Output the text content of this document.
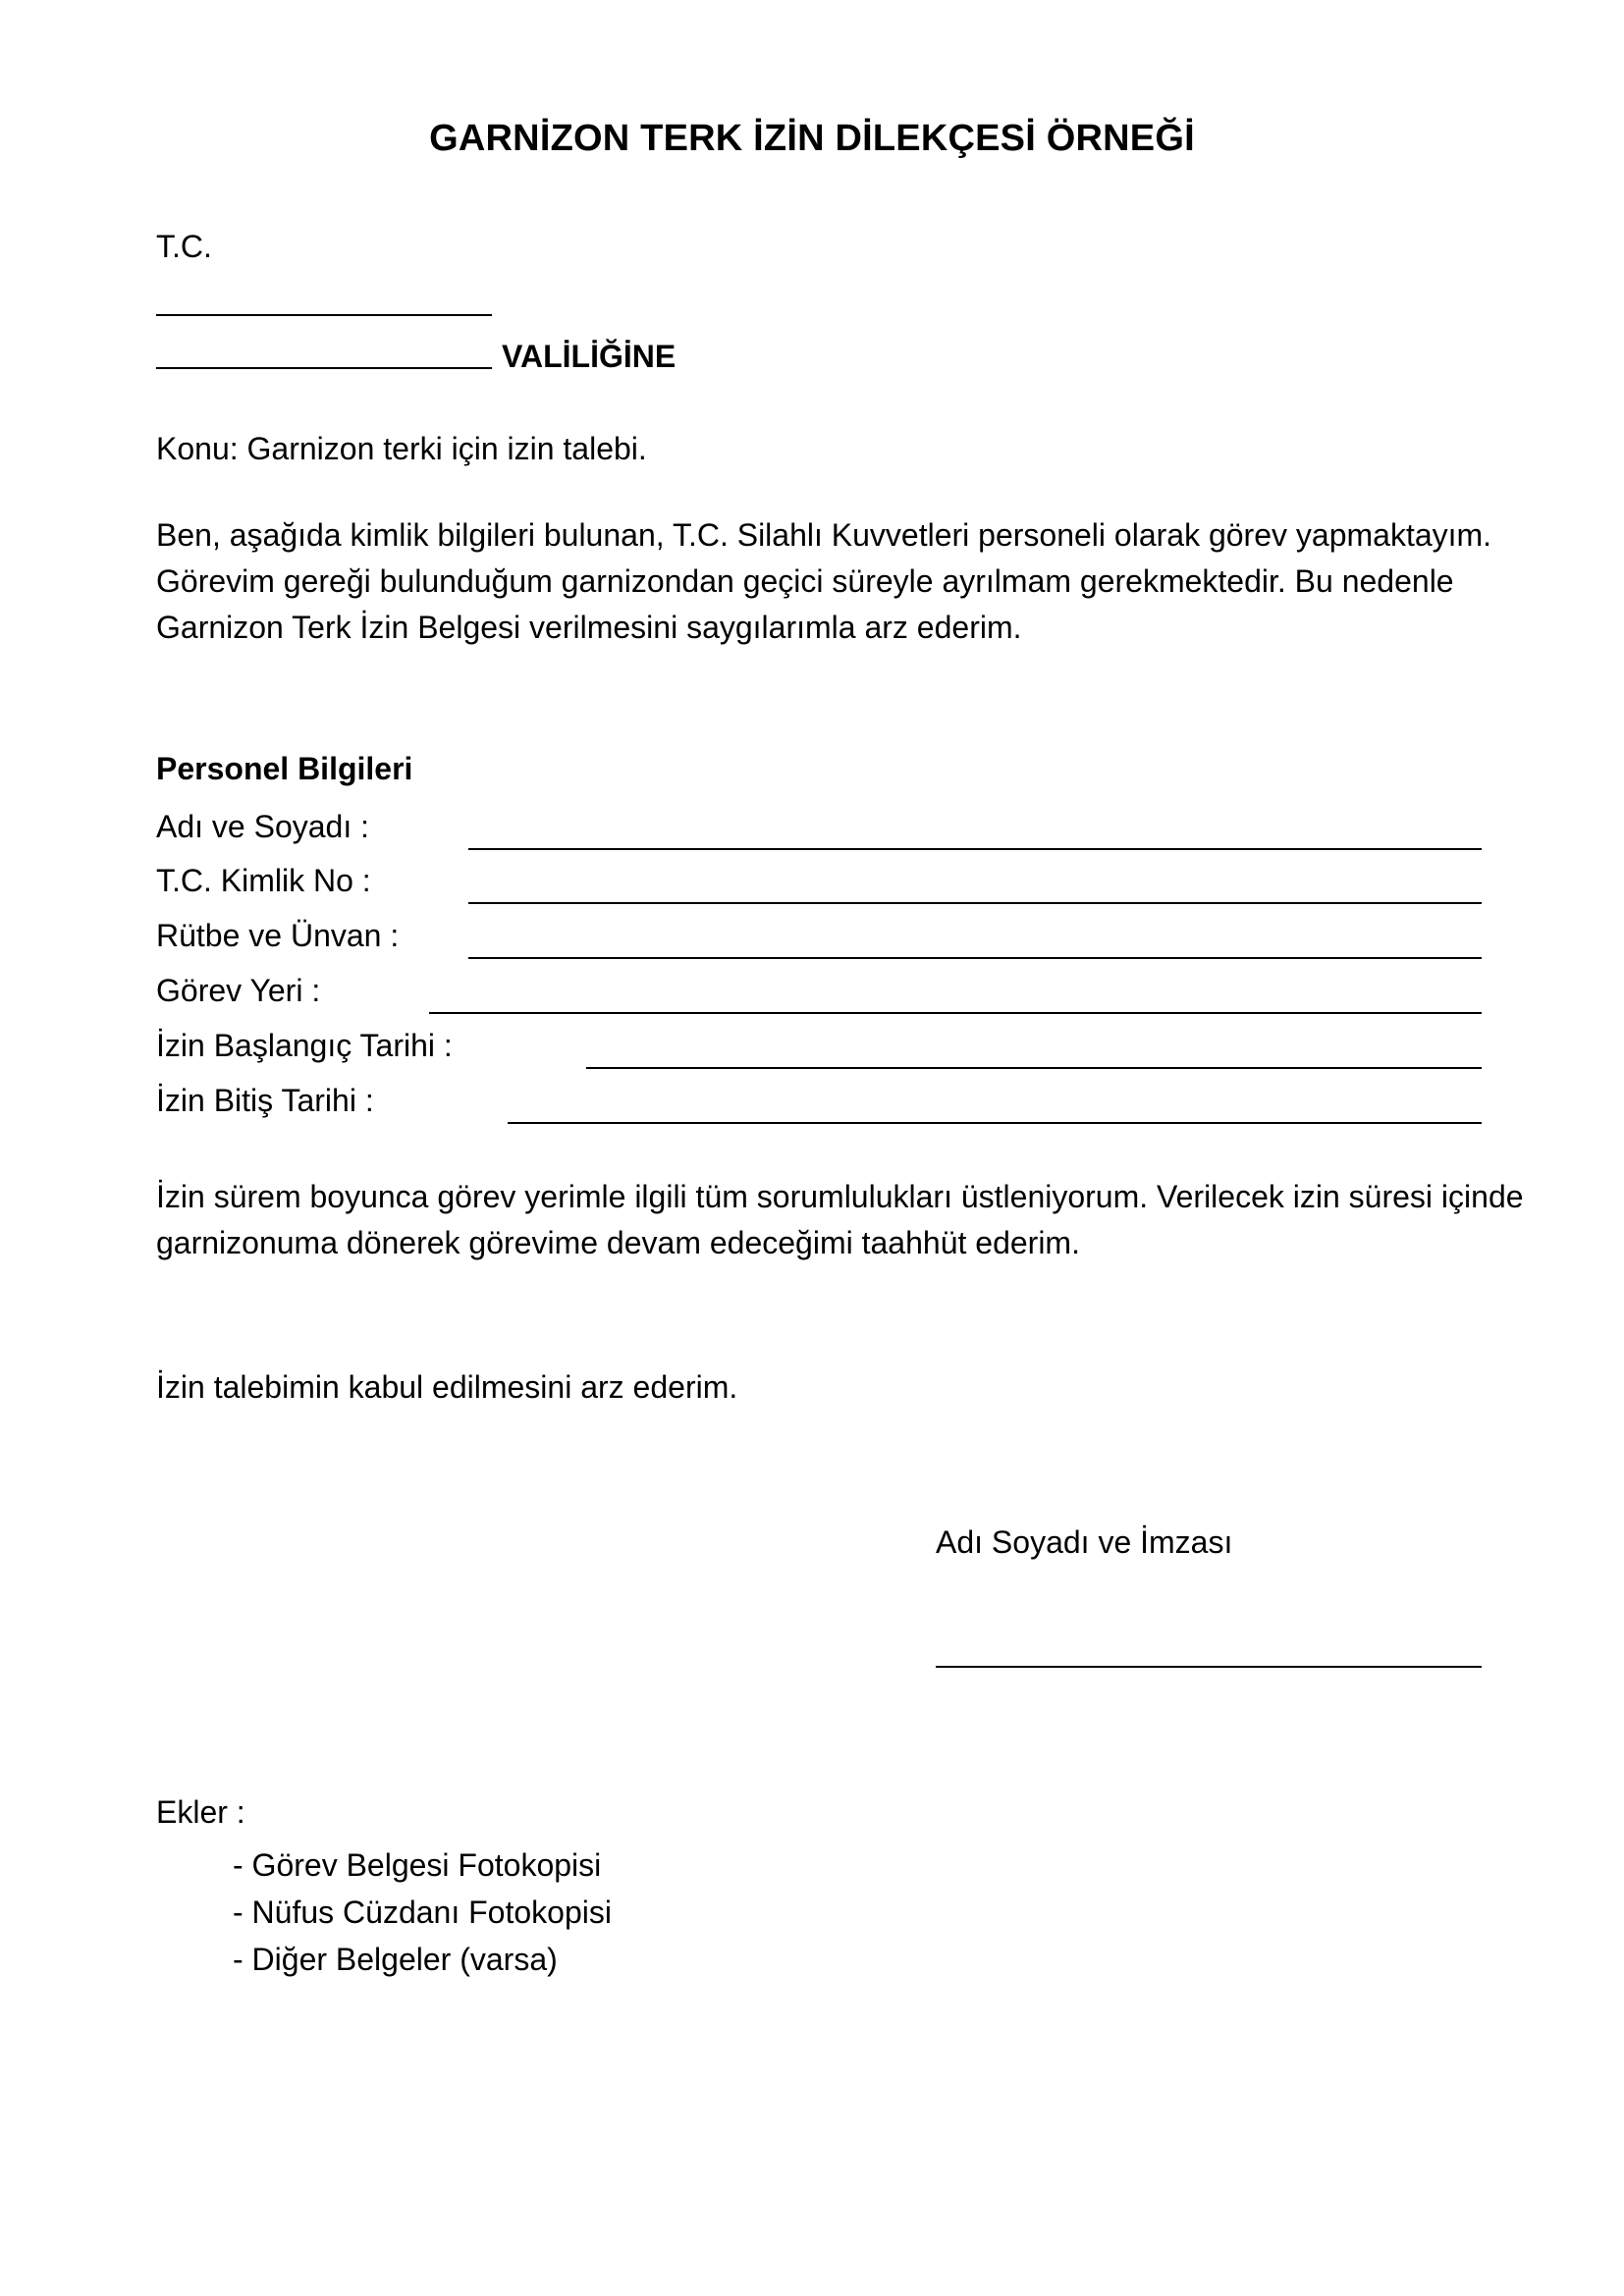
GARNİZON TERK İZİN DİLEKÇESİ ÖRNEĞİ
T.C.
VALİLİĞİNE
Konu: Garnizon terki için izin talebi.
Ben, aşağıda kimlik bilgileri bulunan, T.C. Silahlı Kuvvetleri personeli olarak görev yapmaktayım.
Görevim gereği bulunduğum garnizondan geçici süreyle ayrılmam gerekmektedir. Bu nedenle
Garnizon Terk İzin Belgesi verilmesini saygılarımla arz ederim.
Personel Bilgileri
Adı ve Soyadı :
T.C. Kimlik No :
Rütbe ve Ünvan :
Görev Yeri :
İzin Başlangıç Tarihi :
İzin Bitiş Tarihi :
İzin sürem boyunca görev yerimle ilgili tüm sorumlulukları üstleniyorum. Verilecek izin süresi içinde
garnizonuma dönerek görevime devam edeceğimi taahhüt ederim.
İzin talebimin kabul edilmesini arz ederim.
Adı Soyadı ve İmzası
Ekler :
- Görev Belgesi Fotokopisi
- Nüfus Cüzdanı Fotokopisi
- Diğer Belgeler (varsa)
